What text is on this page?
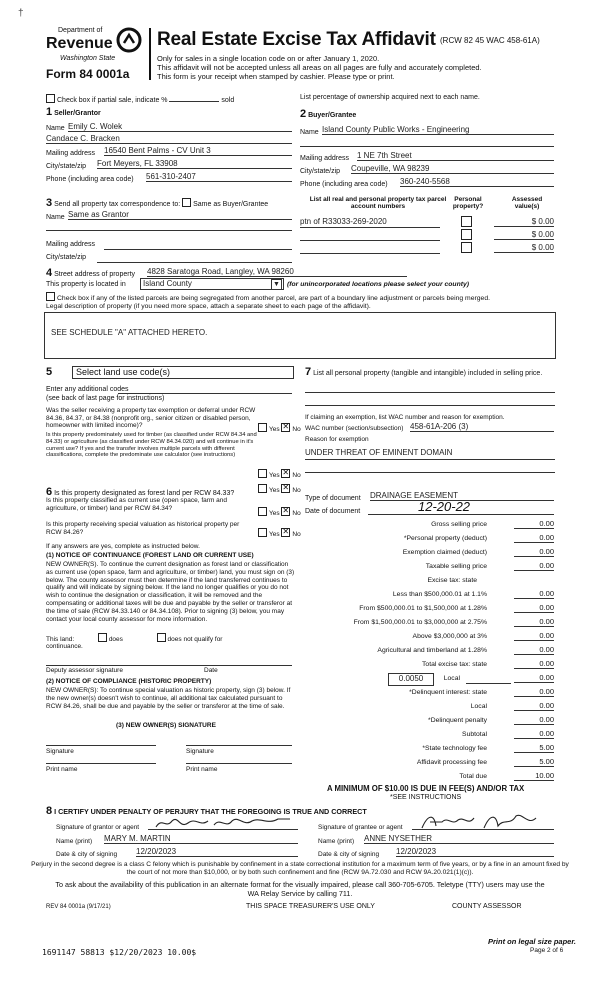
†
Department of
Revenue
Washington State
Form 84 0001a
Real Estate Excise Tax Affidavit (RCW 82 45 WAC 458-61A)
Only for sales in a single location code on or after January 1, 2020.
This affidavit will not be accepted unless all areas on all pages are fully and accurately completed.
This form is your receipt when stamped by cashier. Please type or print.
Check box if partial sale, indicate %	sold	List percentage of ownership acquired next to each name.
1 Seller/Grantor
Name Emily C. Wolek
Candace C. Bracken
Mailing address 16540 Bent Palms - CV Unit 3
City/state/zip Fort Meyers, FL 33908
Phone (including area code) 561-310-2407
2 Buyer/Grantee
Name Island County Public Works - Engineering
Mailing address 1 NE 7th Street
City/state/zip Coupeville, WA 98239
Phone (including area code) 360-240-5568
3 Send all property tax correspondence to: Same as Buyer/Grantee
Name Same as Grantor
Mailing address
City/state/zip
List all real and personal property tax parcel account numbers
Personal property?
Assessed value(s)
ptn of R33033-269-2020	$ 0.00
$ 0.00
$ 0.00
4 Street address of property 4828 Saratoga Road, Langley, WA 98260
This property is located in	Island County	▼ (for unincorporated locations please select your county)
Check box if any of the listed parcels are being segregated from another parcel, are part of a boundary line adjustment or parcels being merged.
Legal description of property (if you need more space, attach a separate sheet to each page of the affidavit).
SEE SCHEDULE "A" ATTACHED HERETO.
5	Select land use code(s)
Enter any additional codes
(see back of last page for instructions)
Was the seller receiving a property tax exemption or deferral under RCW 84.36, 84.37, or 84.38 (nonprofit org., senior citizen or disabled person, homeowner with limited income)?
Yes ✕ No
Is this property predominately used for timber (as classified under RCW 84.34 and 84.33) or agriculture (as classified under RCW 84.34.020) and will continue in it's current use? If yes and the transfer involves multiple parcels with different classifications, complete the predominate use calculator (see instructions)
Yes ✕ No
6 Is this property designated as forest land per RCW 84.33?	Yes ✕ No
Is this property classified as current use (open space, farm and agriculture, or timber) land per RCW 84.34?
Yes ✕ No
Is this property receiving special valuation as historical property per RCW 84.26?	Yes ✕ No
If any answers are yes, complete as instructed below.
(1) NOTICE OF CONTINUANCE (FOREST LAND OR CURRENT USE)
NEW OWNER(S). To continue the current designation as forest land or classification as current use (open space, farm and agriculture, or timber) land, you must sign on (3) below. The county assessor must then determine if the land transferred continues to qualify and will indicate by signing below. If the land no longer qualifies or you do not wish to continue the designation or classification, it will be removed and the compensating or additional taxes will be due and payable by the seller or transferor at the time of sale (RCW 84.33.140 or 84.34.108). Prior to signing (3) below, you may contact your local county assessor for more information.
This land:	does	does not qualify for
continuance.
Deputy assessor signature	Date
(2) NOTICE OF COMPLIANCE (HISTORIC PROPERTY)
NEW OWNER(S): To continue special valuation as historic property, sign (3) below. If the new owner(s) doesn't wish to continue, all additional tax calculated pursuant to RCW 84.26, shall be due and payable by the seller or transferor at the time of sale.
(3) NEW OWNER(S) SIGNATURE
Signature	Signature
Print name	Print name
7 List all personal property (tangible and intangible) included in selling price.
If claiming an exemption, list WAC number and reason for exemption.
WAC number (section/subsection) 458-61A-206 (3)
Reason for exemption
UNDER THREAT OF EMINENT DOMAIN
Type of document DRAINAGE EASEMENT
Date of document	12-20-22
Gross selling price	0.00
*Personal property (deduct)	0.00
Exemption claimed (deduct)	0.00
Taxable selling price	0.00
Excise tax: state
Less than $500,000.01 at 1.1%	0.00
From $500,000.01 to $1,500,000 at 1.28%	0.00
From $1,500,000.01 to $3,000,000 at 2.75%	0.00
Above $3,000,000 at 3%	0.00
Agricultural and timberland at 1.28%	0.00
Total excise tax: state	0.00
0.0050	Local	0.00
*Delinquent interest: state	0.00
Local	0.00
*Delinquent penalty	0.00
Subtotal	0.00
*State technology fee	5.00
Affidavit processing fee	5.00
Total due	10.00
A MINIMUM OF $10.00 IS DUE IN FEE(S) AND/OR TAX
*SEE INSTRUCTIONS
8 I CERTIFY UNDER PENALTY OF PERJURY THAT THE FOREGOING IS TRUE AND CORRECT
Signature of grantor or agent	Signature of grantee or agent
Name (print) MARY M. MARTIN	Name (print) ANNE NYSETHER
Date & city of signing 12/20/2023	Date & city of signing 12/20/2023
Perjury in the second degree is a class C felony which is punishable by confinement in a state correctional institution for a maximum term of five years, or by a fine in an amount fixed by the court of not more than $10,000, or by both such confinement and fine (RCW 9A.72.030 and RCW 9A.20.021(1)(c)).
To ask about the availability of this publication in an alternate format for the visually impaired, please call 360-705-6705. Teletype (TTY) users may use the WA Relay Service by calling 711.
REV 84 0001a (9/17/21)	THIS SPACE TREASURER'S USE ONLY	COUNTY ASSESSOR
1691147 58813 $12/20/2023 10.00$
Print on legal size paper.
Page 2 of 6
